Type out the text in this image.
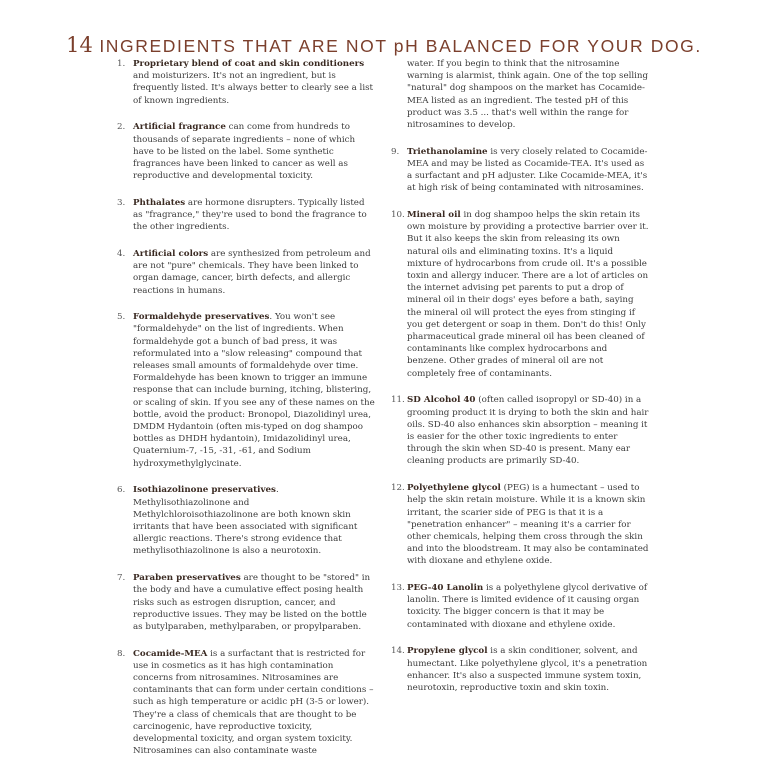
14 INGREDIENTS THAT ARE NOT pH BALANCED FOR YOUR DOG.
1. Proprietary blend of coat and skin conditioners and moisturizers. It's not an ingredient, but is frequently listed. It's always better to clearly see a list of known ingredients.
2. Artificial fragrance can come from hundreds to thousands of separate ingredients – none of which have to be listed on the label. Some synthetic fragrances have been linked to cancer as well as reproductive and developmental toxicity.
3. Phthalates are hormone disrupters. Typically listed as "fragrance," they're used to bond the fragrance to the other ingredients.
4. Artificial colors are synthesized from petroleum and are not "pure" chemicals. They have been linked to organ damage, cancer, birth defects, and allergic reactions in humans.
5. Formaldehyde preservatives. You won't see "formaldehyde" on the list of ingredients. When formaldehyde got a bunch of bad press, it was reformulated into a "slow releasing" compound that releases small amounts of formaldehyde over time. Formaldehyde has been known to trigger an immune response that can include burning, itching, blistering, or scaling of skin. If you see any of these names on the bottle, avoid the product: Bronopol, Diazolidinyl urea, DMDM Hydantoin (often mis-typed on dog shampoo bottles as DHDH hydantoin), Imidazolidinyl urea, Quaternium-7, -15, -31, -61, and Sodium hydroxymethylglycinate.
6. Isothiazolinone preservatives. Methylisothiazolinone and Methylchloroisothiazolinone are both known skin irritants that have been associated with significant allergic reactions. There's strong evidence that methylisothiazolinone is also a neurotoxin.
7. Paraben preservatives are thought to be "stored" in the body and have a cumulative effect posing health risks such as estrogen disruption, cancer, and reproductive issues. They may be listed on the bottle as butylparaben, methylparaben, or propylparaben.
8. Cocamide-MEA is a surfactant that is restricted for use in cosmetics as it has high contamination concerns from nitrosamines. Nitrosamines are contaminants that can form under certain conditions – such as high temperature or acidic pH (3-5 or lower). They're a class of chemicals that are thought to be carcinogenic, have reproductive toxicity, developmental toxicity, and organ system toxicity. Nitrosamines can also contaminate waste
water. If you begin to think that the nitrosamine warning is alarmist, think again. One of the top selling "natural" dog shampoos on the market has Cocamide-MEA listed as an ingredient. The tested pH of this product was 3.5 ... that's well within the range for nitrosamines to develop.
9. Triethanolamine is very closely related to Cocamide-MEA and may be listed as Cocamide-TEA. It's used as a surfactant and pH adjuster. Like Cocamide-MEA, it's at high risk of being contaminated with nitrosamines.
10. Mineral oil in dog shampoo helps the skin retain its own moisture by providing a protective barrier over it. But it also keeps the skin from releasing its own natural oils and eliminating toxins. It's a liquid mixture of hydrocarbons from crude oil. It's a possible toxin and allergy inducer. There are a lot of articles on the internet advising pet parents to put a drop of mineral oil in their dogs' eyes before a bath, saying the mineral oil will protect the eyes from stinging if you get detergent or soap in them. Don't do this! Only pharmaceutical grade mineral oil has been cleaned of contaminants like complex hydrocarbons and benzene. Other grades of mineral oil are not completely free of contaminants.
11. SD Alcohol 40 (often called isopropyl or SD-40) in a grooming product it is drying to both the skin and hair oils. SD-40 also enhances skin absorption – meaning it is easier for the other toxic ingredients to enter through the skin when SD-40 is present. Many ear cleaning products are primarily SD-40.
12. Polyethylene glycol (PEG) is a humectant – used to help the skin retain moisture. While it is a known skin irritant, the scarier side of PEG is that it is a "penetration enhancer" – meaning it's a carrier for other chemicals, helping them cross through the skin and into the bloodstream. It may also be contaminated with dioxane and ethylene oxide.
13. PEG-40 Lanolin is a polyethylene glycol derivative of lanolin. There is limited evidence of it causing organ toxicity. The bigger concern is that it may be contaminated with dioxane and ethylene oxide.
14. Propylene glycol is a skin conditioner, solvent, and humectant. Like polyethylene glycol, it's a penetration enhancer. It's also a suspected immune system toxin, neurotoxin, reproductive toxin and skin toxin.
